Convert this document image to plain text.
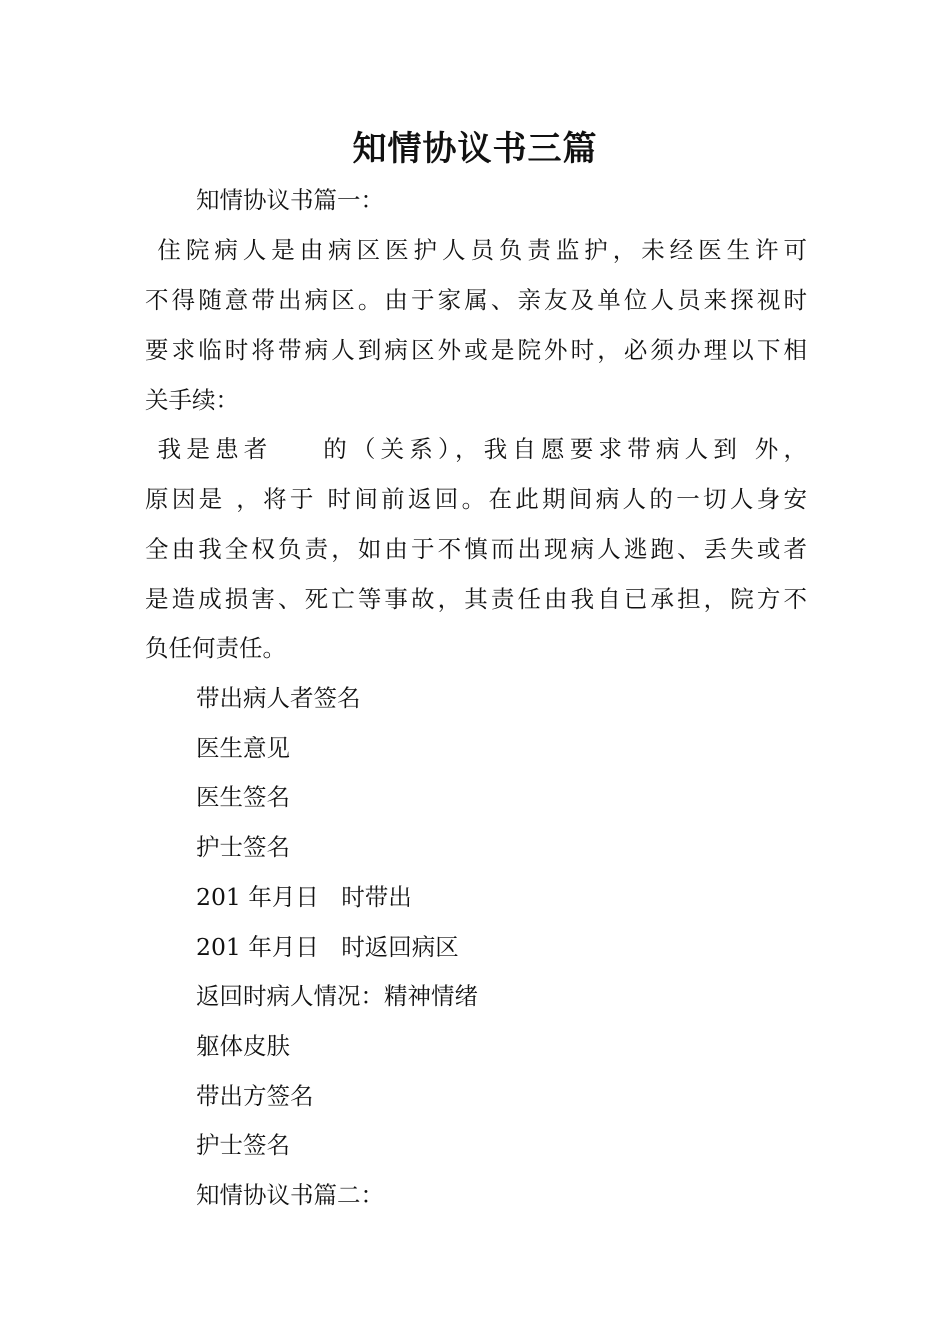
知情协议书三篇
知情协议书篇一：
住院病人是由病区医护人员负责监护，未经医生许可
不得随意带出病区。由于家属、亲友及单位人员来探视时
要求临时将带病人到病区外或是院外时，必须办理以下相
关手续：
我是患者    的（关系），我自愿要求带病人到 外，
原因是 ，将于 时间前返回。在此期间病人的一切人身安
全由我全权负责，如由于不慎而出现病人逃跑、丢失或者
是造成损害、死亡等事故，其责任由我自已承担，院方不
负任何责任。
带出病人者签名
医生意见
医生签名
护士签名
201 年月日   时带出
201 年月日   时返回病区
返回时病人情况：精神情绪
躯体皮肤
带出方签名
护士签名
知情协议书篇二：
